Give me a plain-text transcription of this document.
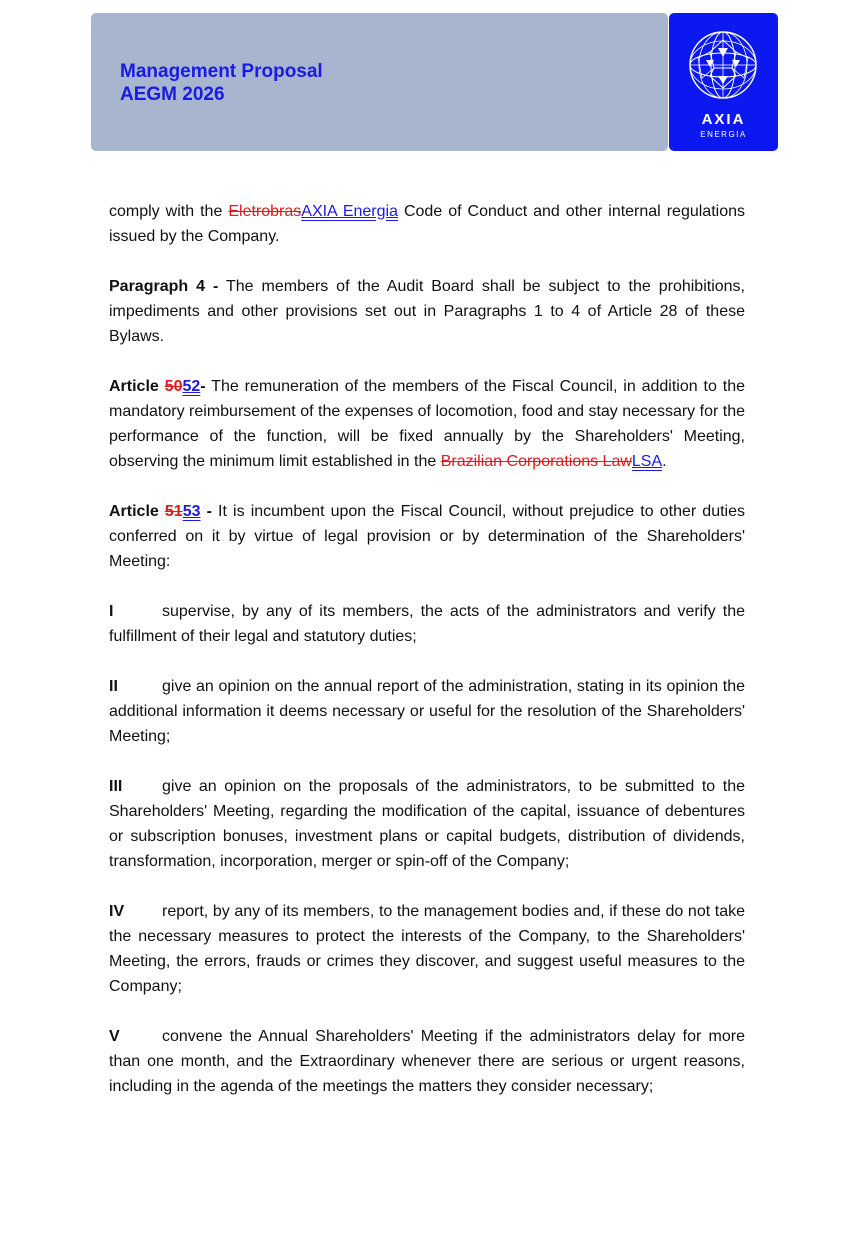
Management Proposal
AEGM 2026
AXIA
ENERGIA

comply with the EletrobrasAXIA Energia Code of Conduct and other internal regulations issued by the Company.

Paragraph 4 - The members of the Audit Board shall be subject to the prohibitions, impediments and other provisions set out in Paragraphs 1 to 4 of Article 28 of these Bylaws.

Article 5052- The remuneration of the members of the Fiscal Council, in addition to the mandatory reimbursement of the expenses of locomotion, food and stay necessary for the performance of the function, will be fixed annually by the Shareholders' Meeting, observing the minimum limit established in the Brazilian Corporations LawLSA.

Article 5153 - It is incumbent upon the Fiscal Council, without prejudice to other duties conferred on it by virtue of legal provision or by determination of the Shareholders' Meeting:

I	supervise, by any of its members, the acts of the administrators and verify the fulfillment of their legal and statutory duties;

II	give an opinion on the annual report of the administration, stating in its opinion the additional information it deems necessary or useful for the resolution of the Shareholders' Meeting;

III give an opinion on the proposals of the administrators, to be submitted to the Shareholders' Meeting, regarding the modification of the capital, issuance of debentures or subscription bonuses, investment plans or capital budgets, distribution of dividends, transformation, incorporation, merger or spin-off of the Company;

IV report, by any of its members, to the management bodies and, if these do not take the necessary measures to protect the interests of the Company, to the Shareholders' Meeting, the errors, frauds or crimes they discover, and suggest useful measures to the Company;

V	convene the Annual Shareholders' Meeting if the administrators delay for more than one month, and the Extraordinary whenever there are serious or urgent reasons, including in the agenda of the meetings the matters they consider necessary;
